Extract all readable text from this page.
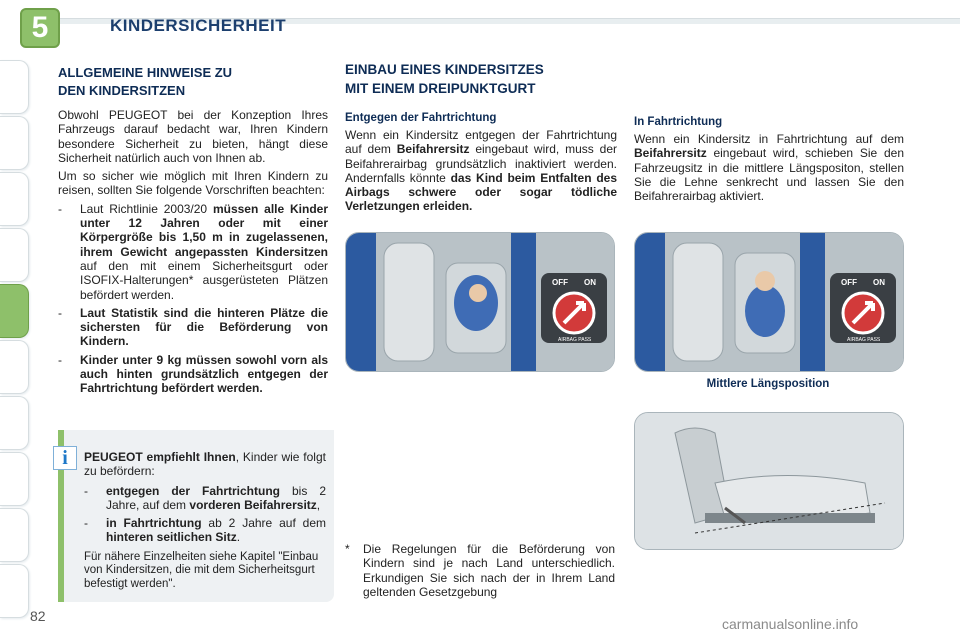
5	KINDERSICHERHEIT
ALLGEMEINE HINWEISE ZU
DEN KINDERSITZEN
Obwohl PEUGEOT bei der Konzeption Ihres Fahrzeugs darauf bedacht war, Ihren Kindern besondere Sicherheit zu bieten, hängt diese Sicherheit natürlich auch von Ihnen ab.
Um so sicher wie möglich mit Ihren Kindern zu reisen, sollten Sie folgende Vorschriften beachten:
-	Laut Richtlinie 2003/20 müssen alle Kinder unter 12 Jahren oder mit einer Körpergröße bis 1,50 m in zugelassenen, ihrem Gewicht angepassten Kindersitzen auf den mit einem Sicherheitsgurt oder ISOFIX-Halterungen* ausgerüsteten Plätzen befördert werden.
-	Laut Statistik sind die hinteren Plätze die sichersten für die Beförderung von Kindern.
-	Kinder unter 9 kg müssen sowohl vorn als auch hinten grundsätzlich entgegen der Fahrtrichtung befördert werden.
PEUGEOT empfiehlt Ihnen, Kinder wie folgt zu befördern:
-	entgegen der Fahrtrichtung bis 2 Jahre, auf dem vorderen Beifahrersitz,
-	in Fahrtrichtung ab 2 Jahre auf dem hinteren seitlichen Sitz.
Für nähere Einzelheiten siehe Kapitel "Einbau von Kindersitzen, die mit dem Sicherheitsgurt befestigt werden".
i
EINBAU EINES KINDERSITZES
MIT EINEM DREIPUNKTGURT
Entgegen der Fahrtrichtung
Wenn ein Kindersitz entgegen der Fahrtrichtung auf dem Beifahrersitz eingebaut wird, muss der Beifahrerairbag grundsätzlich inaktiviert werden. Andernfalls könnte das Kind beim Entfalten des Airbags schwere oder sogar tödliche Verletzungen erleiden.
In Fahrtrichtung
Wenn ein Kindersitz in Fahrtrichtung auf dem Beifahrersitz eingebaut wird, schieben Sie den Fahrzeugsitz in die mittlere Längspositon, stellen Sie die Lehne senkrecht und lassen Sie den Beifahrerairbag aktiviert.
OFF ON
AIRBAG PASS
OFF ON
AIRBAG PASS
Mittlere Längsposition
*	Die Regelungen für die Beförderung von Kindern sind je nach Land unterschiedlich. Erkundigen Sie sich nach der in Ihrem Land geltenden Gesetzgebung
82	carmanualsonline.info
